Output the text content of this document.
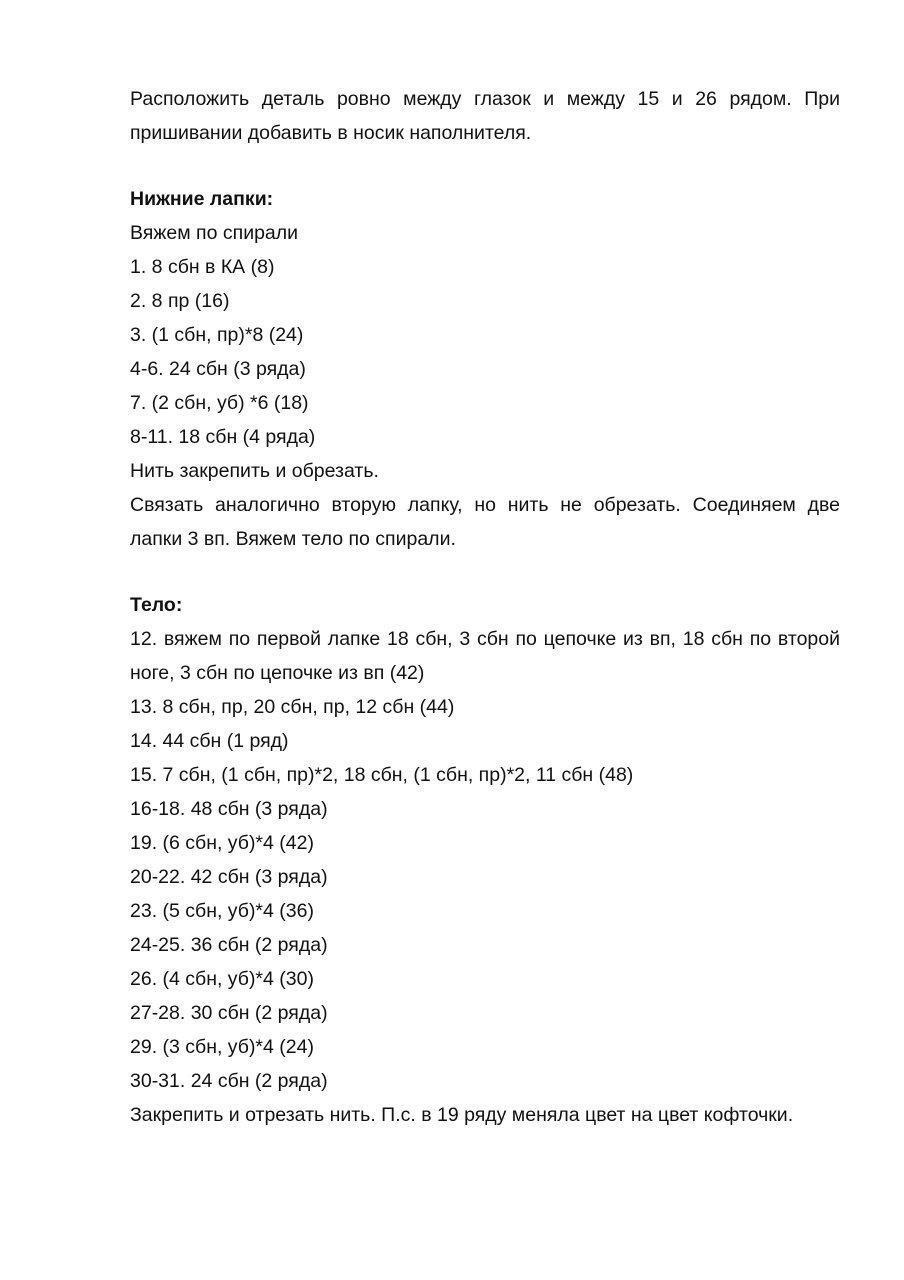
Расположить деталь ровно между глазок и между 15 и 26 рядом. При пришивании добавить в носик наполнителя.

Нижние лапки:

Вяжем по спирали

1. 8 сбн в КА (8)

2. 8 пр (16)

3. (1 сбн, пр)*8 (24)

4-6. 24 сбн (3 ряда)

7. (2 сбн, уб) *6 (18)

8-11. 18 сбн (4 ряда)

Нить закрепить и обрезать.

Связать аналогично вторую лапку, но нить не обрезать. Соединяем две лапки 3 вп. Вяжем тело по спирали.

Тело:

12. вяжем по первой лапке 18 сбн, 3 сбн по цепочке из вп, 18 сбн по второй ноге, 3 сбн по цепочке из вп (42)

13. 8 сбн, пр, 20 сбн, пр, 12 сбн (44)

14. 44 сбн (1 ряд)

15. 7 сбн, (1 сбн, пр)*2, 18 сбн, (1 сбн, пр)*2, 11 сбн (48)

16-18. 48 сбн (3 ряда)

19. (6 сбн, уб)*4 (42)

20-22. 42 сбн (3 ряда)

23. (5 сбн, уб)*4 (36)

24-25. 36 сбн (2 ряда)

26. (4 сбн, уб)*4 (30)

27-28. 30 сбн (2 ряда)

29. (3 сбн, уб)*4 (24)

30-31. 24 сбн (2 ряда)

Закрепить и отрезать нить. П.с. в 19 ряду меняла цвет на цвет кофточки.
